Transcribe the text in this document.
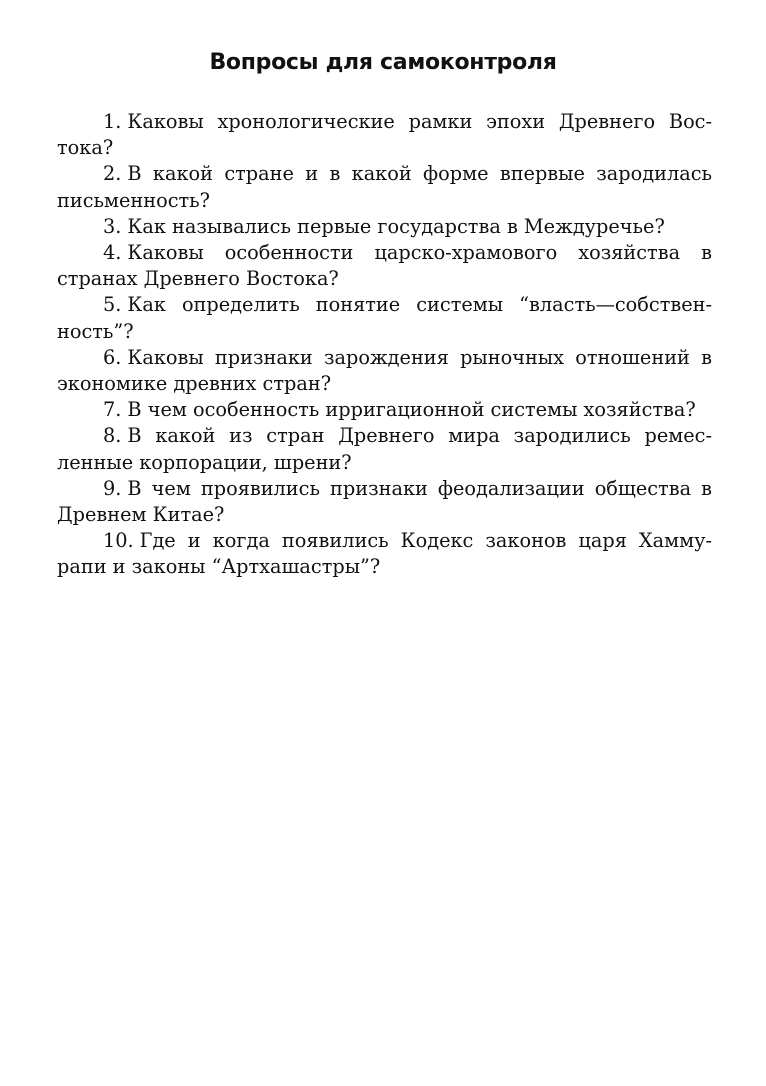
Вопросы для самоконтроля
1. Каковы хронологические рамки эпохи Древнего Востока?
2. В какой стране и в какой форме впервые зародилась письменность?
3. Как назывались первые государства в Междуречье?
4. Каковы особенности царско-храмового хозяйства в странах Древнего Востока?
5. Как определить понятие системы “власть—собственность”?
6. Каковы признаки зарождения рыночных отношений в экономике древних стран?
7. В чем особенность ирригационной системы хозяйства?
8. В какой из стран Древнего мира зародились ремесленные корпорации, шрени?
9. В чем проявились признаки феодализации общества в Древнем Китае?
10. Где и когда появились Кодекс законов царя Хаммурапи и законы “Артхашастры”?
